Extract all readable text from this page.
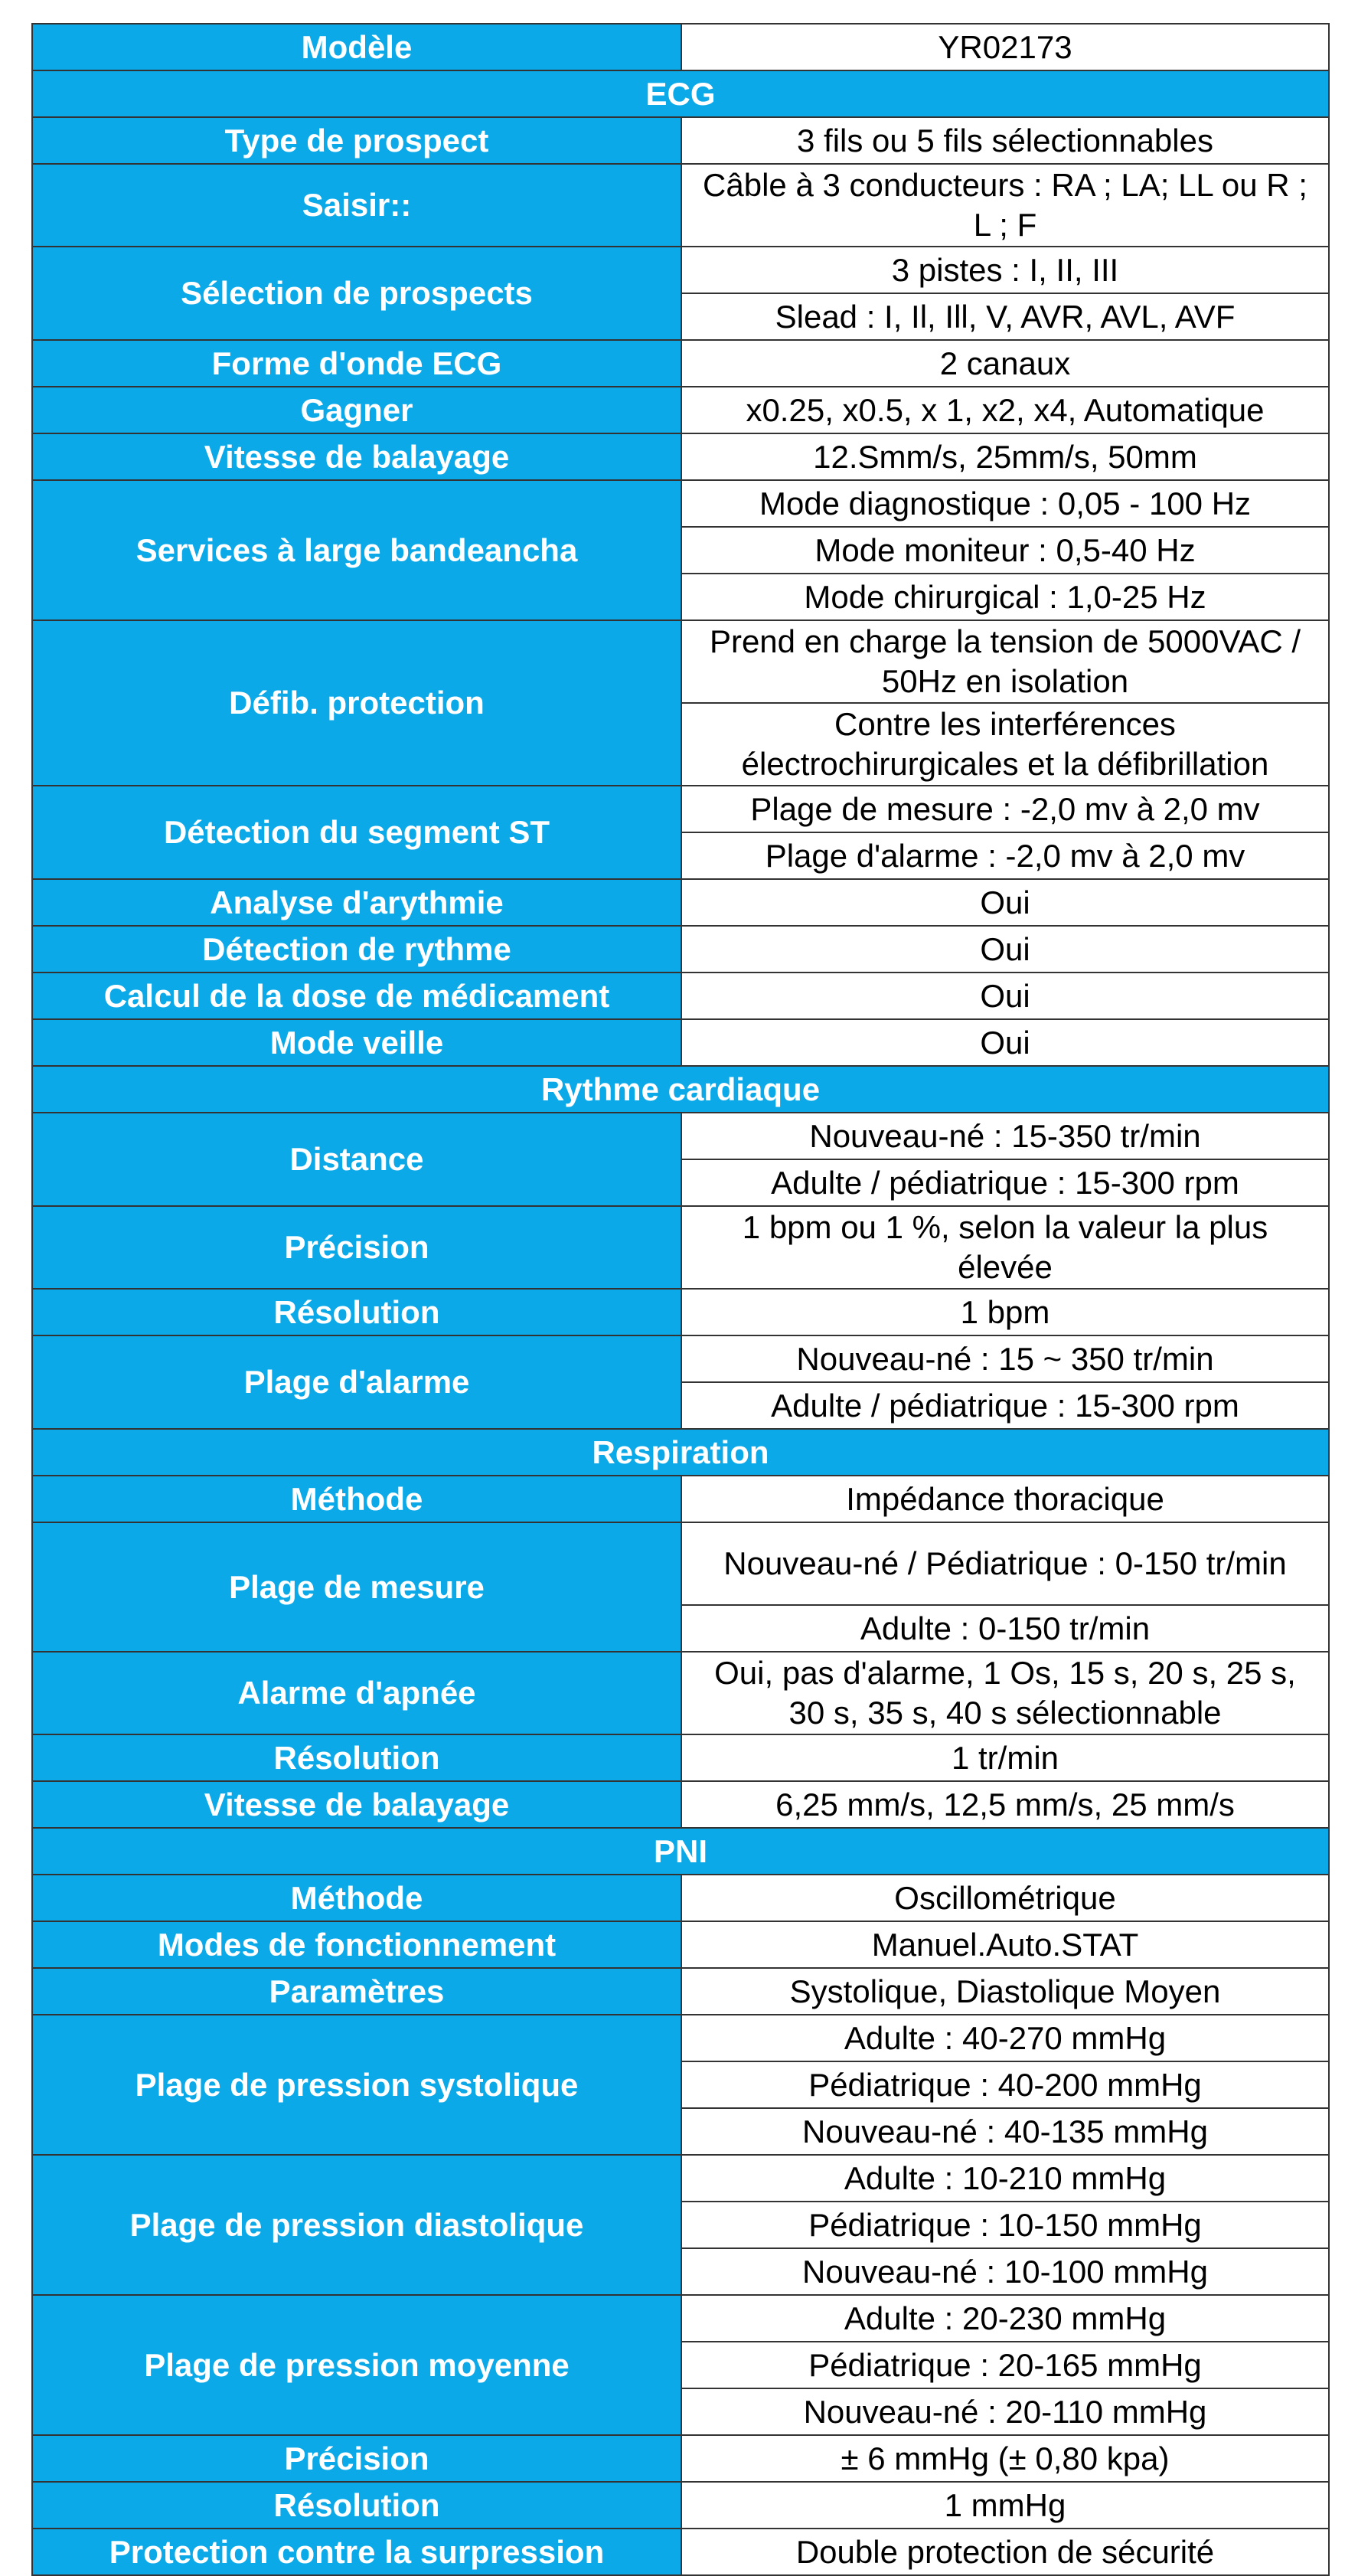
Modèle	YR02173
ECG	
Type de prospect	3 fils ou 5 fils sélectionnables
Saisir::	Câble à 3 conducteurs : RA ; LA; LL ou R ; L ; F
Sélection de prospects	3 pistes : I, II, III
	Slead : I, Il, Ill, V, AVR, AVL, AVF
Forme d'onde ECG	2 canaux
Gagner	x0.25, x0.5, x 1, x2, x4, Automatique
Vitesse de balayage	12.Smm/s, 25mm/s, 50mm
Services à large bandeancha	Mode diagnostique : 0,05 - 100 Hz
	Mode moniteur : 0,5-40 Hz
	Mode chirurgical : 1,0-25 Hz
Défib. protection	Prend en charge la tension de 5000VAC / 50Hz en isolation
	Contre les interférences électrochirurgicales et la défibrillation
Détection du segment ST	Plage de mesure : -2,0 mv à 2,0 mv
	Plage d'alarme : -2,0 mv à 2,0 mv
Analyse d'arythmie	Oui
Détection de rythme	Oui
Calcul de la dose de médicament	Oui
Mode veille	Oui
Rythme cardiaque	
Distance	Nouveau-né : 15-350 tr/min
	Adulte / pédiatrique : 15-300 rpm
Précision	1 bpm ou 1 %, selon la valeur la plus élevée
Résolution	1 bpm
Plage d'alarme	Nouveau-né : 15 ~ 350 tr/min
	Adulte / pédiatrique : 15-300 rpm
Respiration	
Méthode	Impédance thoracique
Plage de mesure	Nouveau-né / Pédiatrique : 0-150 tr/min
	Adulte : 0-150 tr/min
Alarme d'apnée	Oui, pas d'alarme, 1 Os, 15 s, 20 s, 25 s, 30 s, 35 s, 40 s sélectionnable
Résolution	1 tr/min
Vitesse de balayage	6,25 mm/s, 12,5 mm/s, 25 mm/s
PNI	
Méthode	Oscillométrique
Modes de fonctionnement	Manuel.Auto.STAT
Paramètres	Systolique, Diastolique Moyen
Plage de pression systolique	Adulte : 40-270 mmHg
	Pédiatrique : 40-200 mmHg
	Nouveau-né : 40-135 mmHg
Plage de pression diastolique	Adulte : 10-210 mmHg
	Pédiatrique : 10-150 mmHg
	Nouveau-né : 10-100 mmHg
Plage de pression moyenne	Adulte : 20-230 mmHg
	Pédiatrique : 20-165 mmHg
	Nouveau-né : 20-110 mmHg
Précision	± 6 mmHg (± 0,80 kpa)
Résolution	1 mmHg
Protection contre la surpression	Double protection de sécurité
